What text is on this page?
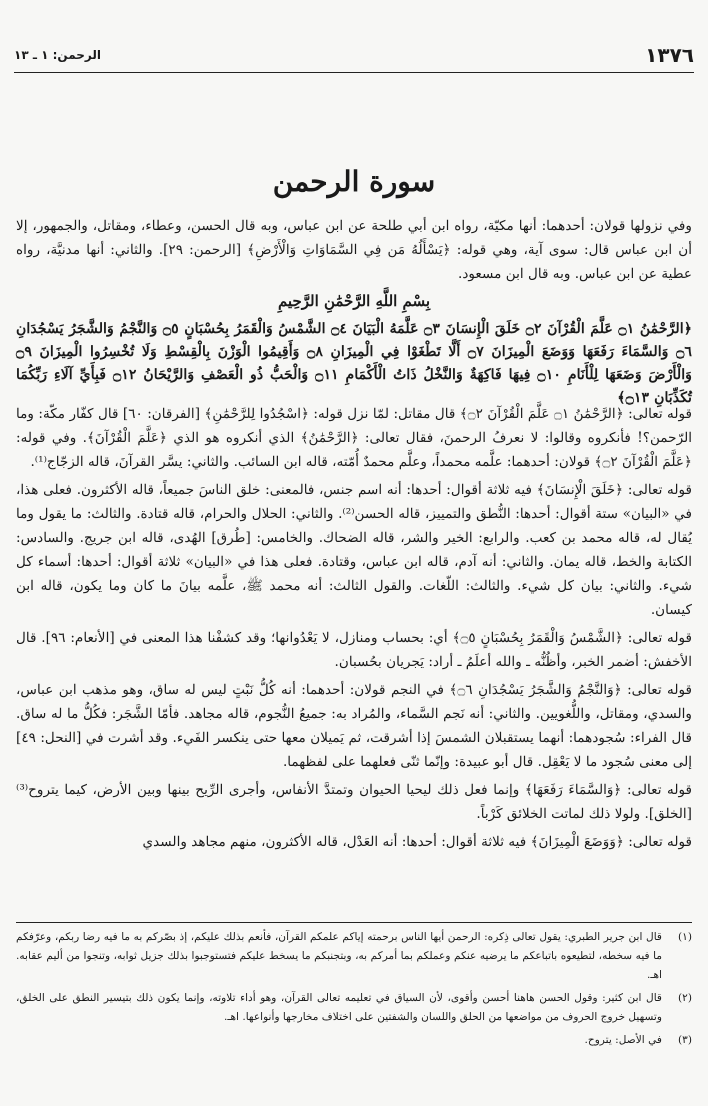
١٣٧٦
الرحمن: ١ ـ ١٣
سورة الرحمن

وفي نزولها قولان: أحدهما: أنها مكيّة، رواه ابن أبي طلحة عن ابن عباس، وبه قال الحسن، وعطاء، ومقاتل، والجمهور، إلا أن ابن عباس قال: سوى آية، وهي قوله: ﴿يَسْأَلُهُ مَن فِي السَّمَاوَاتِ وَالْأَرْضِ﴾ [الرحمن: ٢٩]. والثاني: أنها مدنيَّة، رواه عطية عن ابن عباس. وبه قال ابن مسعود.

بِسْمِ اللَّهِ الرَّحْمَٰنِ الرَّحِيمِ

﴿الرَّحْمَٰنُ ۝١ عَلَّمَ الْقُرْآنَ ۝٢ خَلَقَ الْإِنسَانَ ۝٣ عَلَّمَهُ الْبَيَانَ ۝٤ الشَّمْسُ وَالْقَمَرُ بِحُسْبَانٍ ۝٥ وَالنَّجْمُ وَالشَّجَرُ يَسْجُدَانِ ۝٦ وَالسَّمَاءَ رَفَعَهَا وَوَضَعَ الْمِيزَانَ ۝٧ أَلَّا تَطْغَوْا فِي الْمِيزَانِ ۝٨ وَأَقِيمُوا الْوَزْنَ بِالْقِسْطِ وَلَا تُخْسِرُوا الْمِيزَانَ ۝٩ وَالْأَرْضَ وَضَعَهَا لِلْأَنَامِ ۝١٠ فِيهَا فَاكِهَةٌ وَالنَّخْلُ ذَاتُ الْأَكْمَامِ ۝١١ وَالْحَبُّ ذُو الْعَصْفِ وَالرَّيْحَانُ ۝١٢ فَبِأَيِّ آلَاءِ رَبِّكُمَا تُكَذِّبَانِ ۝١٣﴾

قوله تعالى: ﴿الرَّحْمَٰنُ ۝١ عَلَّمَ الْقُرْآنَ ۝٢﴾ قال مقاتل: لمّا نزل قوله: ﴿اسْجُدُوا لِلرَّحْمَٰنِ﴾ [الفرقان: ٦٠] قال كفّار مكّة: وما الرّحمن؟! فأنكروه وقالوا: لا نعرفُ الرحمنَ، فقال تعالى: ﴿الرَّحْمَٰنُ﴾ الذي أنكروه هو الذي ﴿عَلَّمَ الْقُرْآنَ﴾. وفي قوله: ﴿عَلَّمَ الْقُرْآنَ ۝٢﴾ قولان: أحدهما: علَّمه محمداً، وعلَّم محمدٌ أُمّته، قاله ابن السائب. والثاني: يسَّر القرآنَ، قاله الزجّاج⁽¹⁾.

قوله تعالى: ﴿خَلَقَ الْإِنسَانَ﴾ فيه ثلاثة أقوال: أحدها: أنه اسم جنس، فالمعنى: خلق الناسَ جميعاً، قاله الأكثرون. فعلى هذا، في «البيان» ستة أقوال: أحدها: النُّطق والتمييز، قاله الحسن⁽²⁾. والثاني: الحلال والحرام، قاله قتادة. والثالث: ما يقول وما يُقال له، قاله محمد بن كعب. والرابع: الخير والشر، قاله الضحاك. والخامس: [طُرق] الهُدى، قاله ابن جريج. والسادس: الكتابة والخط، قاله يمان. والثاني: أنه آدم، قاله ابن عباس، وقتادة. فعلى هذا في «البيان» ثلاثة أقوال: أحدها: أسماء كل شيء. والثاني: بيان كل شيء. والثالث: اللّغات. والقول الثالث: أنه محمد ﷺ، علَّمه بيانَ ما كان وما يكون، قاله ابن كيسان.

قوله تعالى: ﴿الشَّمْسُ وَالْقَمَرُ بِحُسْبَانٍ ۝٥﴾ أي: بحساب ومنازل، لا يَعْدُوانها؛ وقد كشفْنا هذا المعنى في [الأنعام: ٩٦]. قال الأخفش: أضمر الخبر، وأظُنُّه ـ والله أعلَمُ ـ أراد: يَجريان بحُسبان.

قوله تعالى: ﴿وَالنَّجْمُ وَالشَّجَرُ يَسْجُدَانِ ۝٦﴾ في النجم قولان: أحدهما: أنه كُلُّ نَبْتٍ ليس له ساق، وهو مذهب ابن عباس، والسدي، ومقاتل، واللُّغويين. والثاني: أنه نَجم السَّماء، والمُراد به: جميعُ النُّجوم، قاله مجاهد. فأمّا الشَّجَر: فكُلُّ ما له ساق. قال الفراء: سُجودهما: أنهما يستقبلان الشمسَ إذا أشرقت، ثم يَميلان معها حتى ينكسر الفَيء. وقد أشرت في [النحل: ٤٩] إلى معنى سُجود ما لا يَعْقِل. قال أبو عبيدة: وإنّما ثنّى فعلهما على لفظهما.

قوله تعالى: ﴿وَالسَّمَاءَ رَفَعَهَا﴾ وإنما فعل ذلك ليحيا الحيوان وتمتدَّ الأنفاس، وأجرى الرِّيح بينها وبين الأرض، كيما يتروح⁽³⁾ [الخلق]. ولولا ذلك لماتت الخلائق كَرْباً.

قوله تعالى: ﴿وَوَضَعَ الْمِيزَانَ﴾ فيه ثلاثة أقوال: أحدها: أنه العَدْل، قاله الأكثرون، منهم مجاهد والسدي

(١)
قال ابن جرير الطبري: يقول تعالى ذِكره: الرحمن أيها الناس برحمته إياكم علمكم القرآن، فأنعم بذلك عليكم، إذ بصّركم به ما فيه رضا ربكم، وعرّفكم ما فيه سخطه، لتطيعوه باتباعكم ما يرضيه عنكم وعملكم بما أمركم به، وبتجنبكم ما يسخط عليكم فتستوجبوا بذلك جزيل ثوابه، وتنجوا من أليم عقابه. اهـ.
(٢)
قال ابن كثير: وقول الحسن هاهنا أحسن وأقوى، لأن السياق في تعليمه تعالى القرآن، وهو أداء تلاوته، وإنما يكون ذلك بتيسير النطق على الخلق، وتسهيل خروج الحروف من مواضعها من الحلق واللسان والشفتين على اختلاف مخارجها وأنواعها. اهـ.
(٣)
في الأصل: يتروح.
